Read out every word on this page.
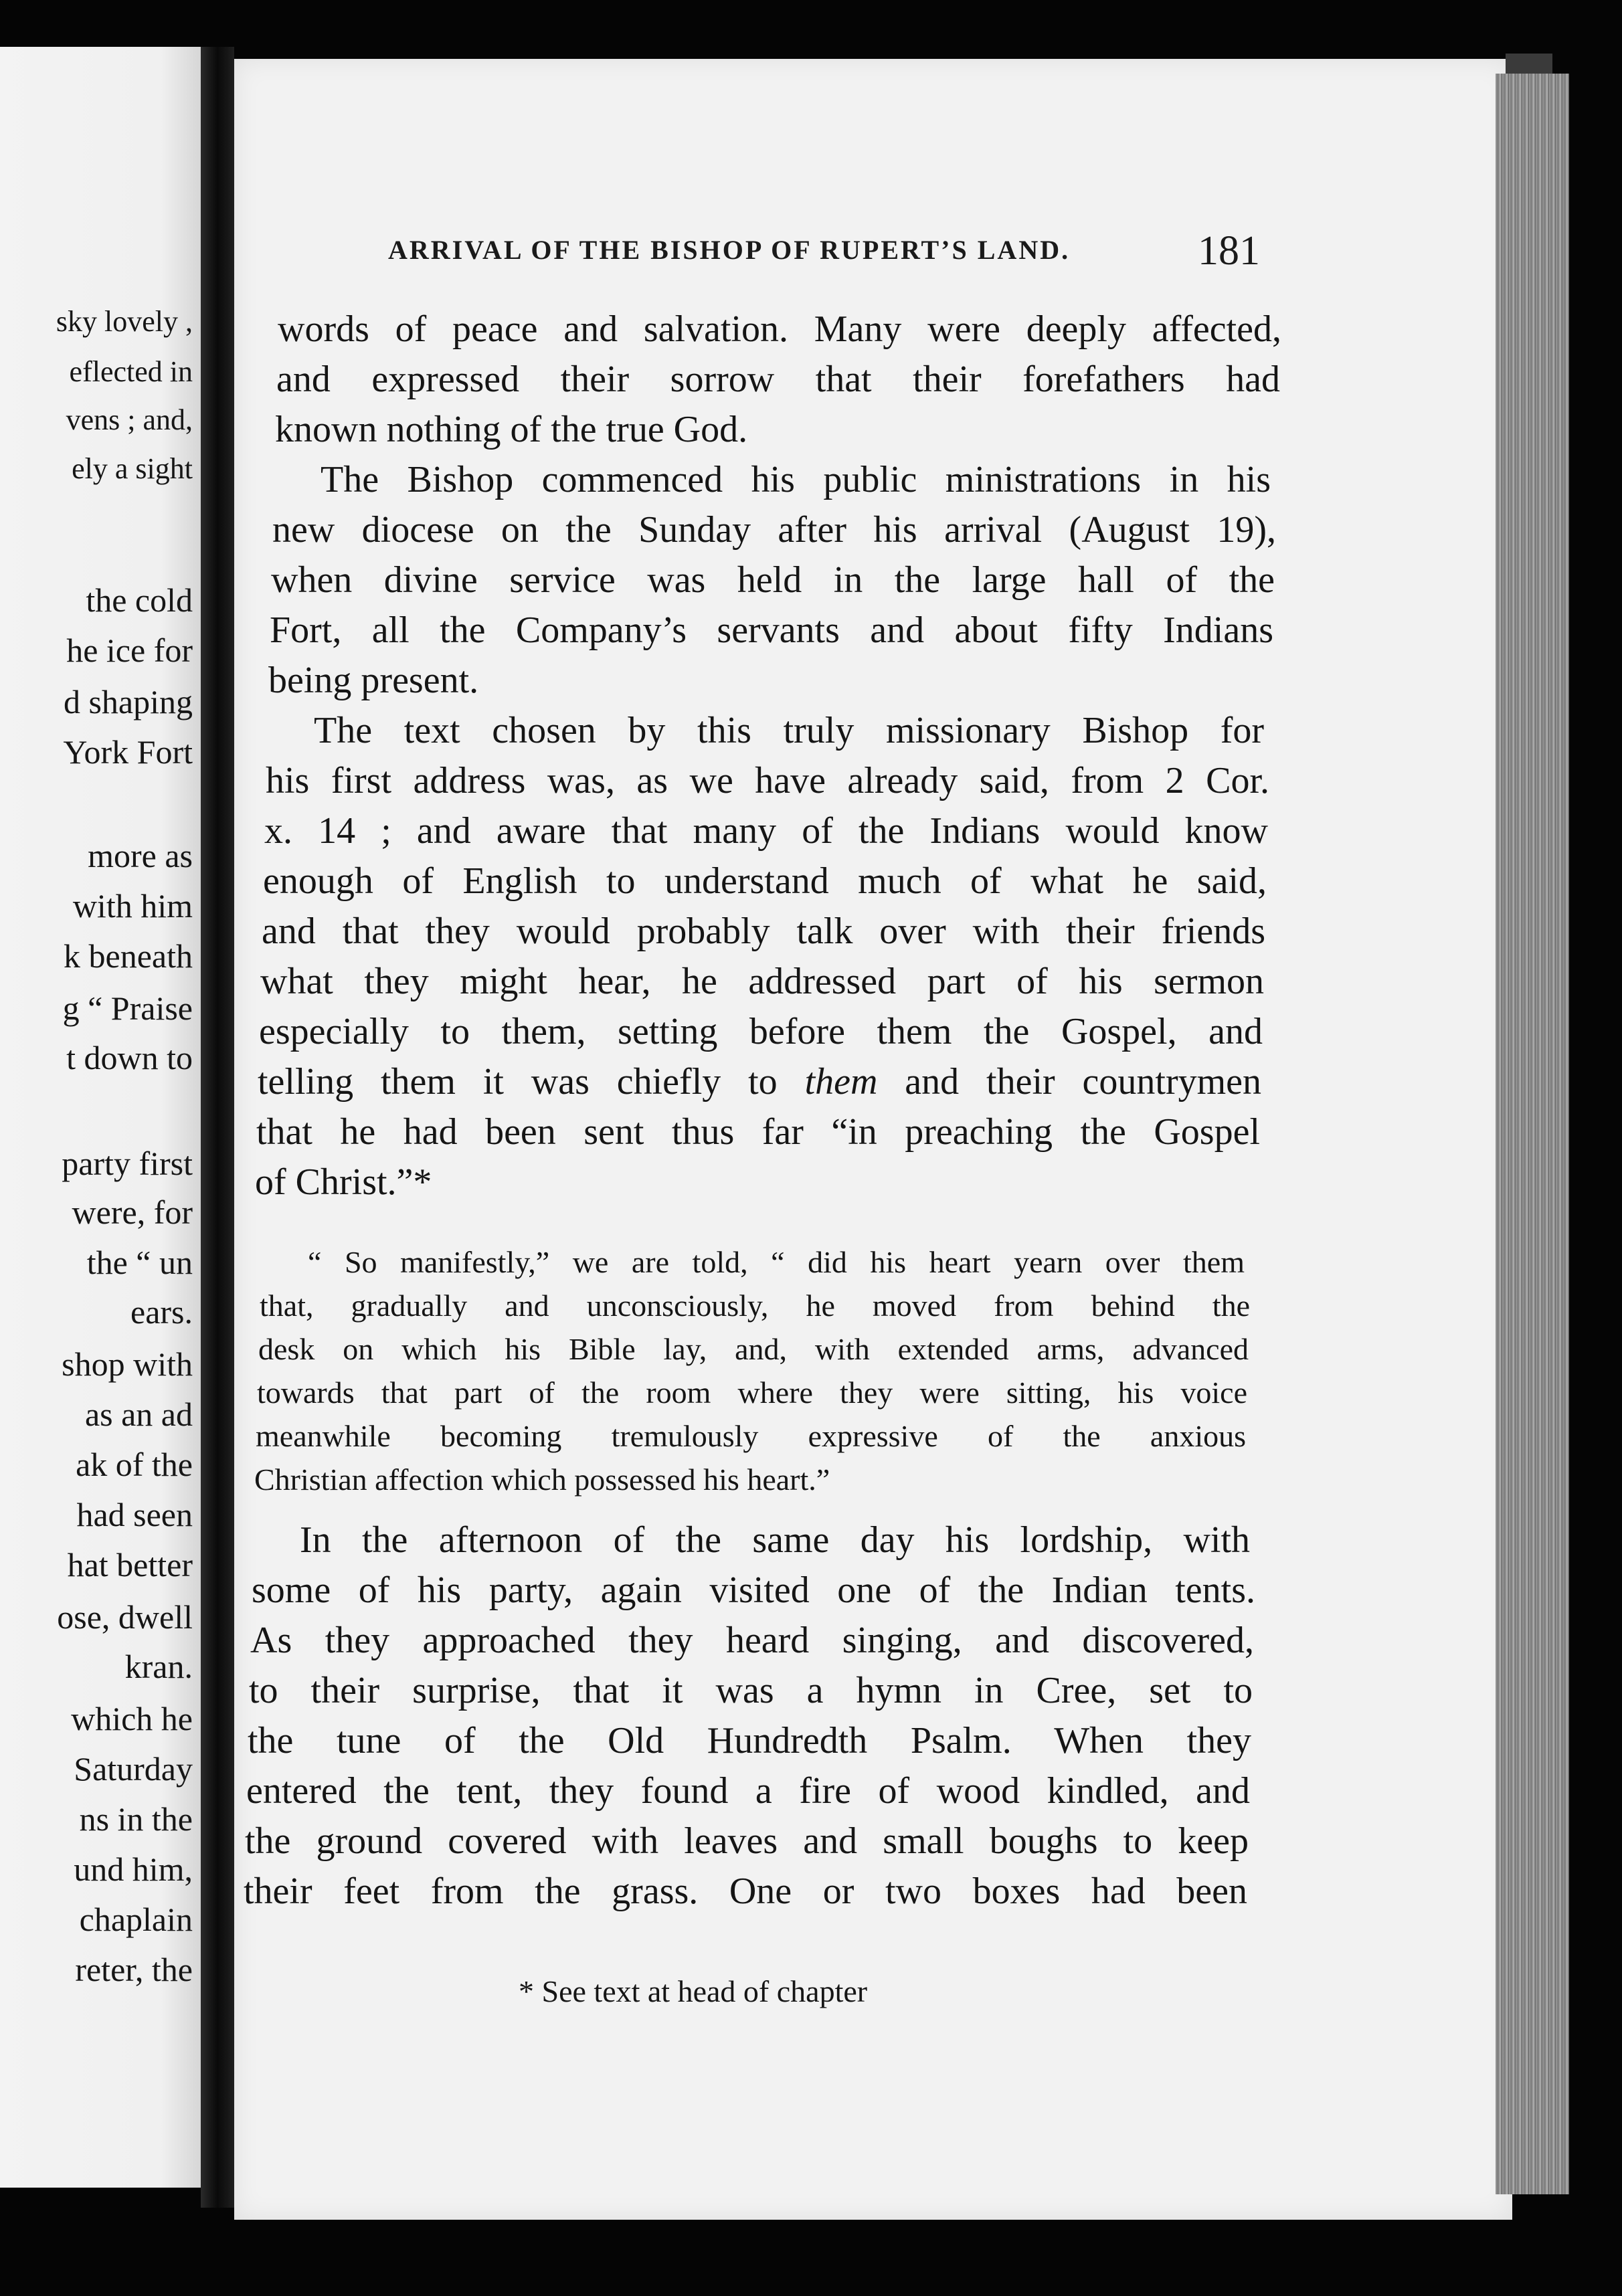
sky lovely ,
eflected in
vens ; and,
ely a sight
the cold
he ice for
d shaping
York Fort
more as
with him
k beneath
g “ Praise
t down to
party first
were, for
the “ un
ears.
shop with
as an ad
ak of the
had seen
hat better
ose, dwell
kran.
which he
Saturday
ns in the
und him,
chaplain
reter, the
ARRIVAL OF THE BISHOP OF RUPERT’S LAND.	181
words of peace and salvation. Many were deeply affected,
and expressed their sorrow that their forefathers had
known nothing of the true God.
The Bishop commenced his public ministrations in his
new diocese on the Sunday after his arrival (August 19),
when divine service was held in the large hall of the
Fort, all the Company’s servants and about fifty Indians
being present.
The text chosen by this truly missionary Bishop for
his first address was, as we have already said, from 2 Cor.
x. 14 ; and aware that many of the Indians would know
enough of English to understand much of what he said,
and that they would probably talk over with their friends
what they might hear, he addressed part of his sermon
especially to them, setting before them the Gospel, and
telling them it was chiefly to them and their countrymen
that he had been sent thus far “in preaching the Gospel
of Christ.”*
“ So manifestly,” we are told, “ did his heart yearn over them
that, gradually and unconsciously, he moved from behind the
desk on which his Bible lay, and, with extended arms, advanced
towards that part of the room where they were sitting, his voice
meanwhile becoming tremulously expressive of the anxious
Christian affection which possessed his heart.”
In the afternoon of the same day his lordship, with
some of his party, again visited one of the Indian tents.
As they approached they heard singing, and discovered,
to their surprise, that it was a hymn in Cree, set to
the tune of the Old Hundredth Psalm. When they
entered the tent, they found a fire of wood kindled, and
the ground covered with leaves and small boughs to keep
their feet from the grass. One or two boxes had been
* See text at head of chapter
